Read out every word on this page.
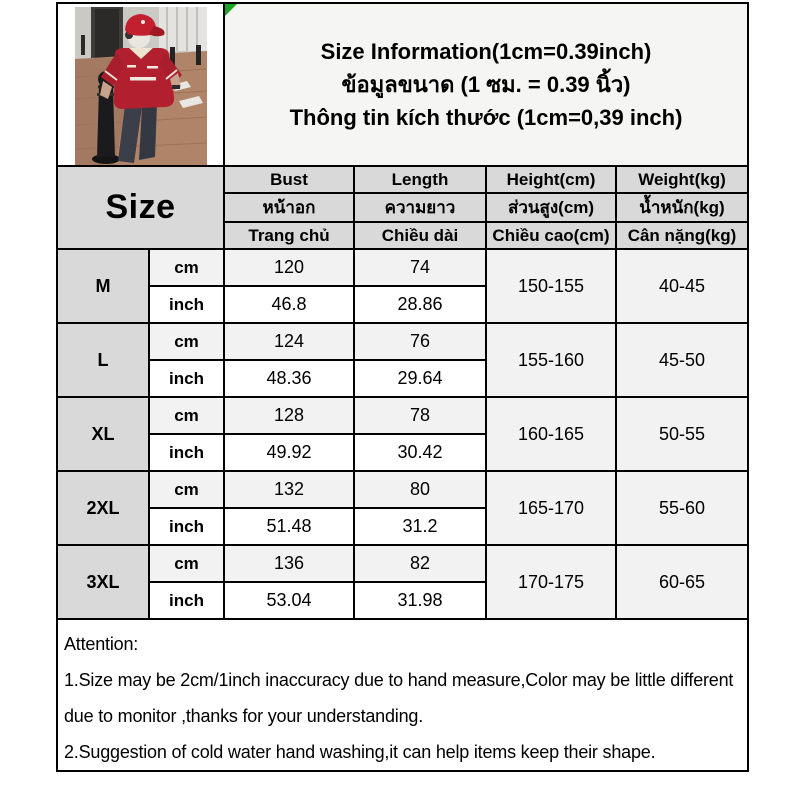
Size Information(1cm=0.39inch)
ข้อมูลขนาด (1 ซม. = 0.39 นิ้ว)
Thông tin kích thước (1cm=0,39 inch)			

Size		Bust	Length	Height(cm)	Weight(kg)
		หน้าอก	ความยาว	ส่วนสูง(cm)	น้ำหนัก(kg)
		Trang chủ	Chiều dài	Chiều cao(cm)	Cân nặng(kg)
M	cm	120	74	150-155	40-45
	inch	46.8	28.86		
L	cm	124	76	155-160	45-50
	inch	48.36	29.64		
XL	cm	128	78	160-165	50-55
	inch	49.92	30.42		
2XL	cm	132	80	165-170	55-60
	inch	51.48	31.2		
3XL	cm	136	82	170-175	60-65
	inch	53.04	31.98		

Attention:
1.Size may be 2cm/1inch inaccuracy due to hand measure,Color may be little different
due to monitor ,thanks for your understanding.
2.Suggestion of cold water hand washing,it can help items keep their shape.					
